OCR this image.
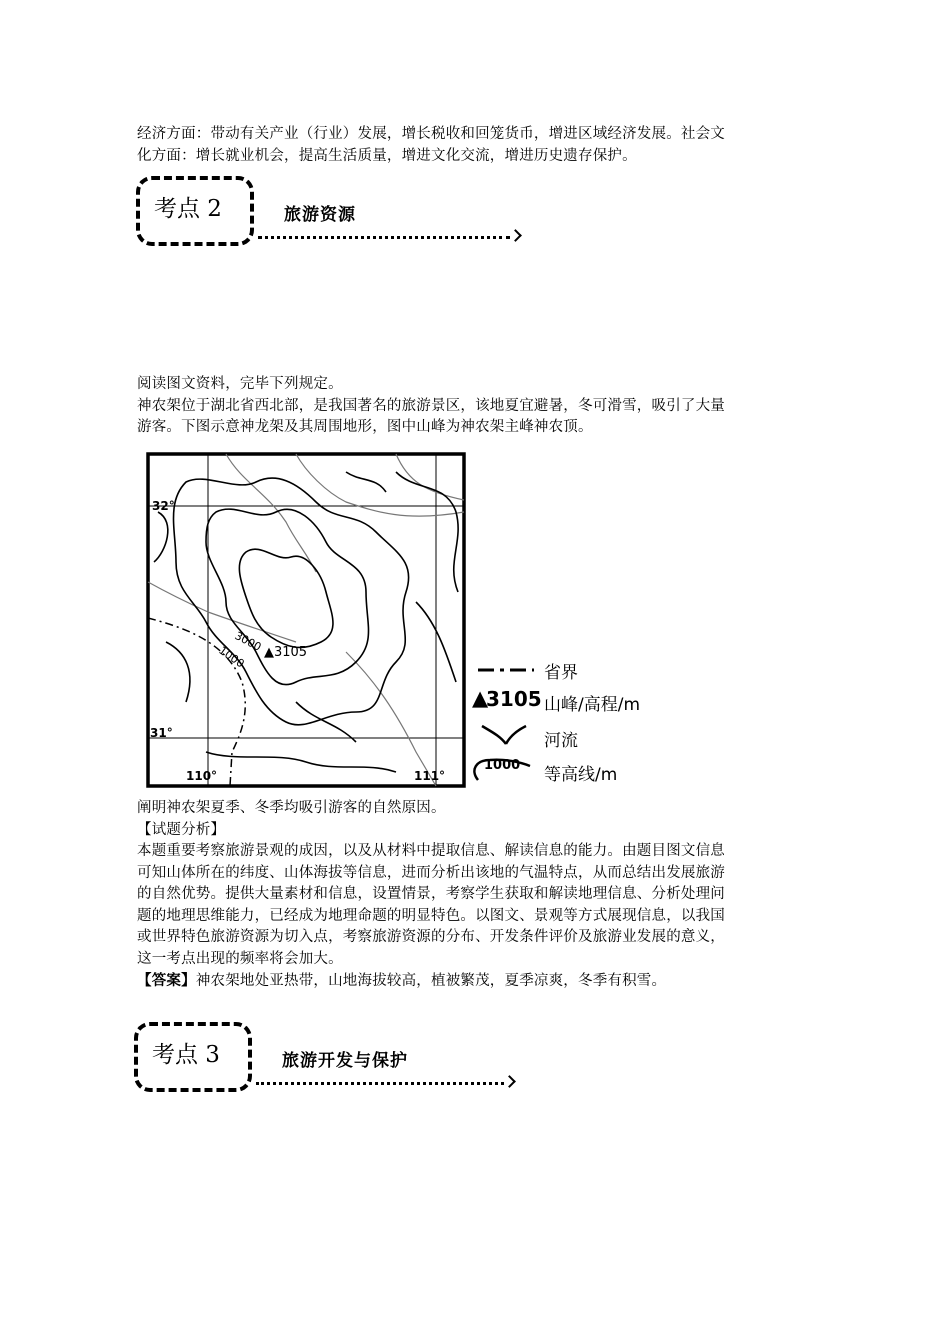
经济方面：带动有关产业（行业）发展，增长税收和回笼货币，增进区域经济发展。社会文
化方面：增长就业机会，提高生活质量，增进文化交流，增进历史遗存保护。
考点 2	旅游资源
阅读图文资料，完毕下列规定。
神农架位于湖北省西北部，是我国著名的旅游景区，该地夏宜避暑，冬可滑雪，吸引了大量
游客。下图示意神龙架及其周围地形，图中山峰为神农架主峰神农顶。
32°
31°
110°	111°
3000
1000 ▲3105
省界
▲
3105 山峰/高程/m
河流
1000 等高线/m
阐明神农架夏季、冬季均吸引游客的自然原因。
【试题分析】
本题重要考察旅游景观的成因，以及从材料中提取信息、解读信息的能力。由题目图文信息
可知山体所在的纬度、山体海拔等信息，进而分析出该地的气温特点，从而总结出发展旅游
的自然优势。提供大量素材和信息，设置情景，考察学生获取和解读地理信息、分析处理问
题的地理思维能力，已经成为地理命题的明显特色。以图文、景观等方式展现信息，以我国
或世界特色旅游资源为切入点，考察旅游资源的分布、开发条件评价及旅游业发展的意义，
这一考点出现的频率将会加大。
【答案】神农架地处亚热带，山地海拔较高，植被繁茂，夏季凉爽，冬季有积雪。
考点 3	旅游开发与保护
